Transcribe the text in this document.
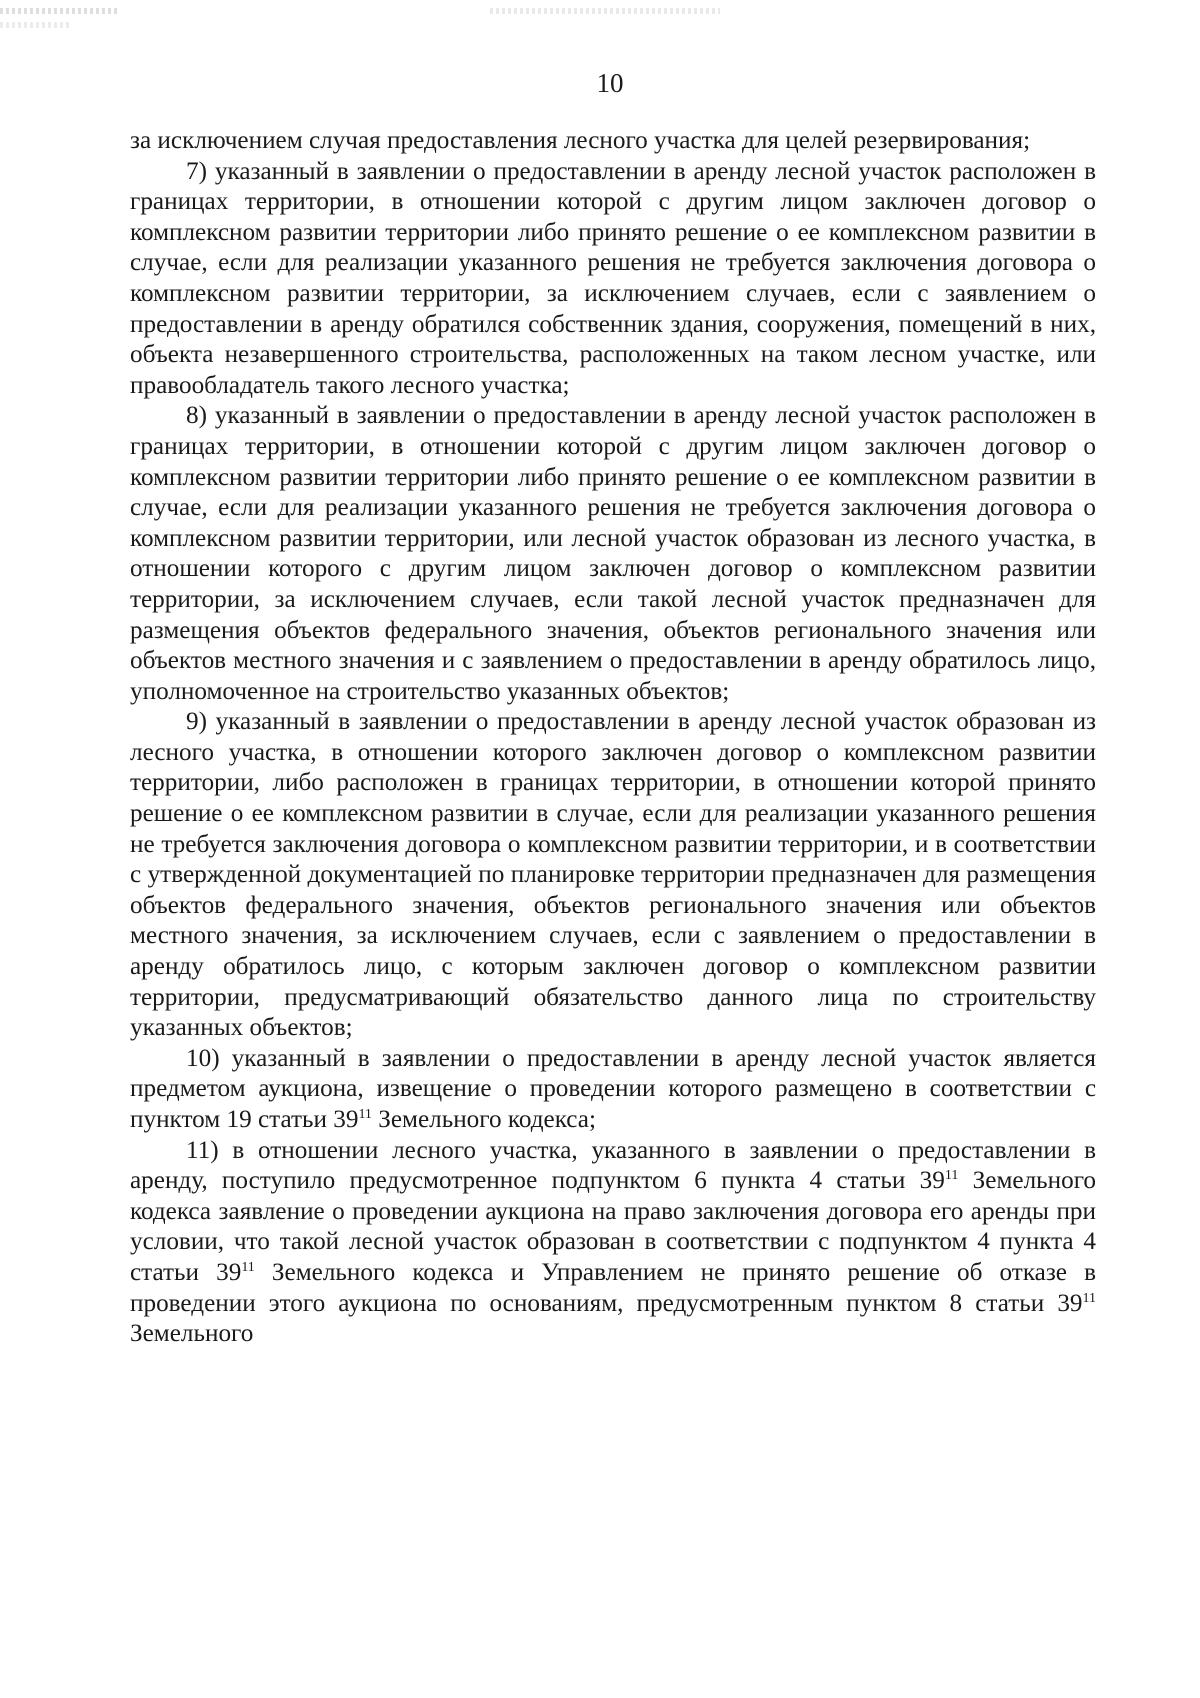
10

за исключением случая предоставления лесного участка для целей резервирования;

7) указанный в заявлении о предоставлении в аренду лесной участок расположен в границах территории, в отношении которой с другим лицом заключен договор о комплексном развитии территории либо принято решение о ее комплексном развитии в случае, если для реализации указанного решения не требуется заключения договора о комплексном развитии территории, за исключением случаев, если с заявлением о предоставлении в аренду обратился собственник здания, сооружения, помещений в них, объекта незавершенного строительства, расположенных на таком лесном участке, или правообладатель такого лесного участка;

8) указанный в заявлении о предоставлении в аренду лесной участок расположен в границах территории, в отношении которой с другим лицом заключен договор о комплексном развитии территории либо принято решение о ее комплексном развитии в случае, если для реализации указанного решения не требуется заключения договора о комплексном развитии территории, или лесной участок образован из лесного участка, в отношении которого с другим лицом заключен договор о комплексном развитии территории, за исключением случаев, если такой лесной участок предназначен для размещения объектов федерального значения, объектов регионального значения или объектов местного значения и с заявлением о предоставлении в аренду обратилось лицо, уполномоченное на строительство указанных объектов;

9) указанный в заявлении о предоставлении в аренду лесной участок образован из лесного участка, в отношении которого заключен договор о комплексном развитии территории, либо расположен в границах территории, в отношении которой принято решение о ее комплексном развитии в случае, если для реализации указанного решения не требуется заключения договора о комплексном развитии территории, и в соответствии с утвержденной документацией по планировке территории предназначен для размещения объектов федерального значения, объектов регионального значения или объектов местного значения, за исключением случаев, если с заявлением о предоставлении в аренду обратилось лицо, с которым заключен договор о комплексном развитии территории, предусматривающий обязательство данного лица по строительству указанных объектов;

10) указанный в заявлении о предоставлении в аренду лесной участок является предметом аукциона, извещение о проведении которого размещено в соответствии с пунктом 19 статьи $39^{11}$ Земельного кодекса;

11) в отношении лесного участка, указанного в заявлении о предоставлении в аренду, поступило предусмотренное подпунктом 6 пункта 4 статьи $39^{11}$ Земельного кодекса заявление о проведении аукциона на право заключения договора его аренды при условии, что такой лесной участок образован в соответствии с подпунктом 4 пункта 4 статьи $39^{11}$ Земельного кодекса и Управлением не принято решение об отказе в проведении этого аукциона по основаниям, предусмотренным пунктом 8 статьи $39^{11}$ Земельного
